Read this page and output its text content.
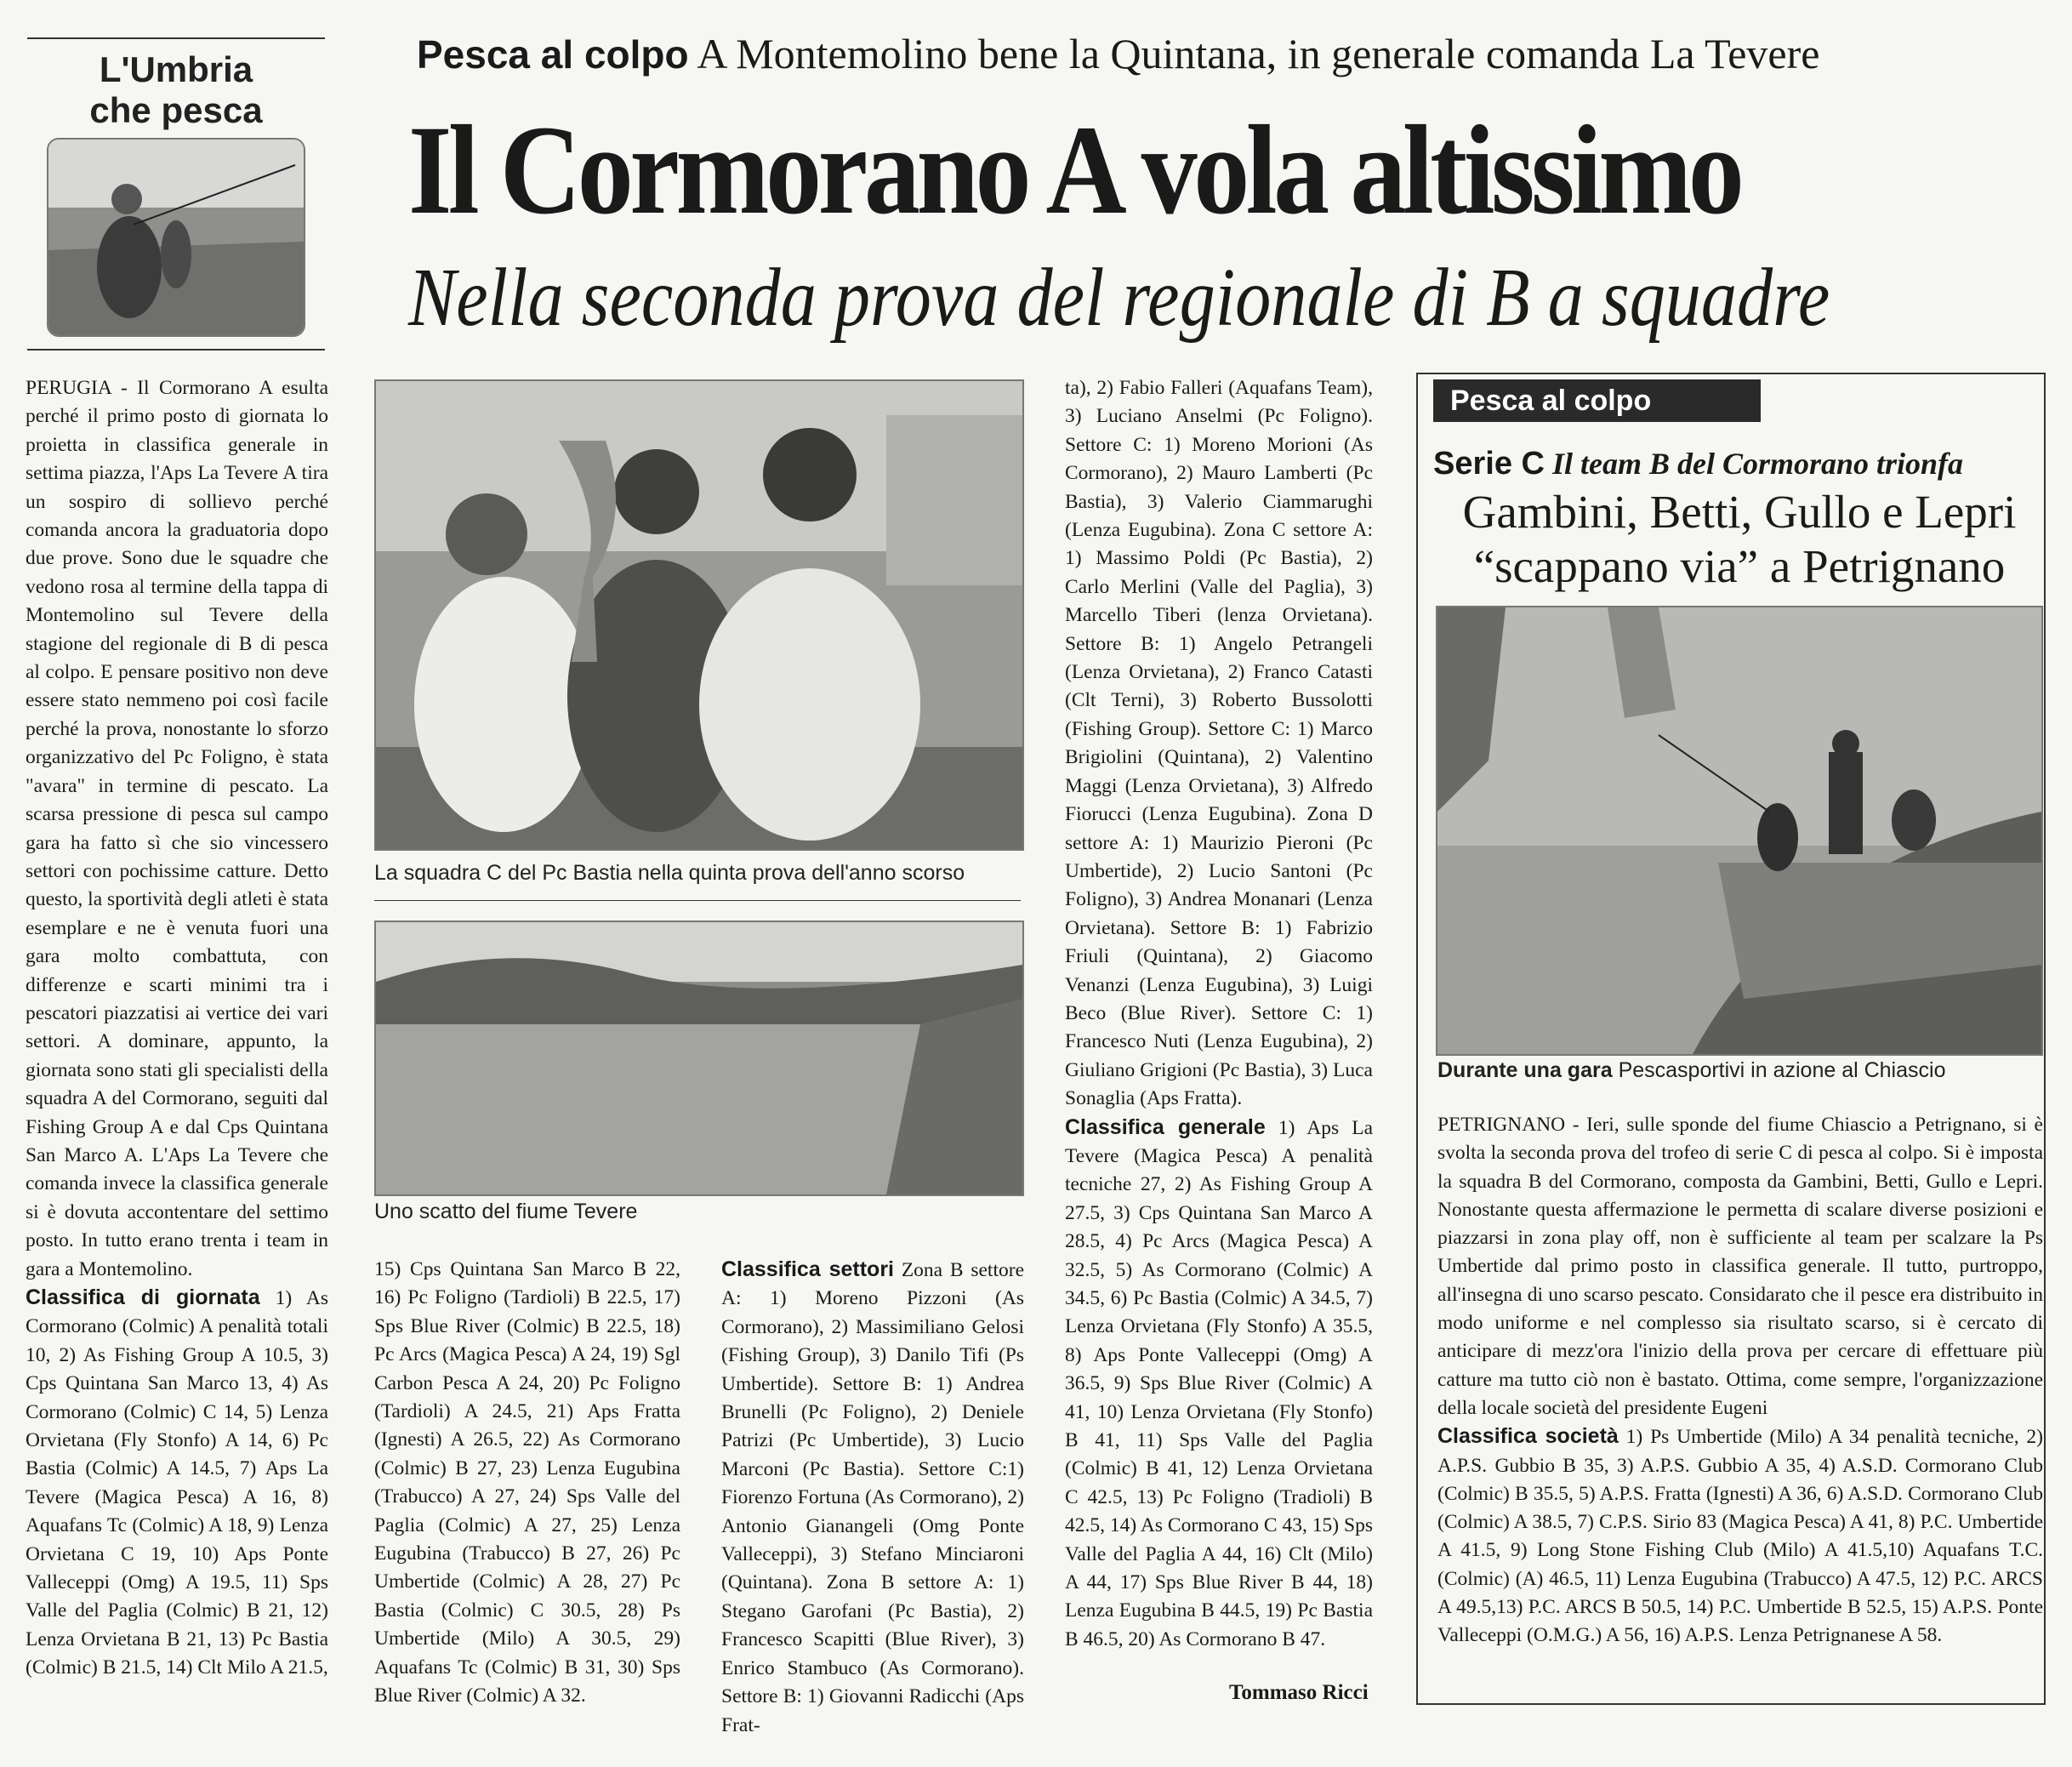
L'Umbria
che pesca
Pesca al colpo A Montemolino bene la Quintana, in generale comanda La Tevere
Il Cormorano A vola altissimo
Nella seconda prova del regionale di B a squadre

PERUGIA - Il Cormorano A esulta perché il primo posto di giornata lo proietta in classifica generale in settima piazza, l'Aps La Tevere A tira un sospiro di sollievo perché comanda ancora la graduatoria dopo due prove. Sono due le squadre che vedono rosa al termine della tappa di Montemolino sul Tevere della stagione del regionale di B di pesca al colpo. E pensare positivo non deve essere stato nemmeno poi così facile perché la prova, nonostante lo sforzo organizzativo del Pc Foligno, è stata "avara" in termine di pescato. La scarsa pressione di pesca sul campo gara ha fatto sì che sio vincessero settori con pochissime catture. Detto questo, la sportività degli atleti è stata esemplare e ne è venuta fuori una gara molto combattuta, con differenze e scarti minimi tra i pescatori piazzatisi ai vertice dei vari settori. A dominare, appunto, la giornata sono stati gli specialisti della squadra A del Cormorano, seguiti dal Fishing Group A e dal Cps Quintana San Marco A. L'Aps La Tevere che comanda invece la classifica generale si è dovuta accontentare del settimo posto. In tutto erano trenta i team in gara a Montemolino.

Classifica di giornata 1) As Cormorano (Colmic) A penalità totali 10, 2) As Fishing Group A 10.5, 3) Cps Quintana San Marco 13, 4) As Cormorano (Colmic) C 14, 5) Lenza Orvietana (Fly Stonfo) A 14, 6) Pc Bastia (Colmic) A 14.5, 7) Aps La Tevere (Magica Pesca) A 16, 8) Aquafans Tc (Colmic) A 18, 9) Lenza Orvietana C 19, 10) Aps Ponte Valleceppi (Omg) A 19.5, 11) Sps Valle del Paglia (Colmic) B 21, 12) Lenza Orvietana B 21, 13) Pc Bastia (Colmic) B 21.5, 14) Clt Milo A 21.5,

La squadra C del Pc Bastia nella quinta prova dell'anno scorso
Uno scatto del fiume Tevere

15) Cps Quintana San Marco B 22, 16) Pc Foligno (Tardioli) B 22.5, 17) Sps Blue River (Colmic) B 22.5, 18) Pc Arcs (Magica Pesca) A 24, 19) Sgl Carbon Pesca A 24, 20) Pc Foligno (Tardioli) A 24.5, 21) Aps Fratta (Ignesti) A 26.5, 22) As Cormorano (Colmic) B 27, 23) Lenza Eugubina (Trabucco) A 27, 24) Sps Valle del Paglia (Colmic) A 27, 25) Lenza Eugubina (Trabucco) B 27, 26) Pc Umbertide (Colmic) A 28, 27) Pc Bastia (Colmic) C 30.5, 28) Ps Umbertide (Milo) A 30.5, 29) Aquafans Tc (Colmic) B 31, 30) Sps Blue River (Colmic) A 32.

Classifica settori Zona B settore A: 1) Moreno Pizzoni (As Cormorano), 2) Massimiliano Gelosi (Fishing Group), 3) Danilo Tifi (Ps Umbertide). Settore B: 1) Andrea Brunelli (Pc Foligno), 2) Deniele Patrizi (Pc Umbertide), 3) Lucio Marconi (Pc Bastia). Settore C:1) Fiorenzo Fortuna (As Cormorano), 2) Antonio Gianangeli (Omg Ponte Valleceppi), 3) Stefano Minciaroni (Quintana). Zona B settore A: 1) Stegano Garofani (Pc Bastia), 2) Francesco Scapitti (Blue River), 3) Enrico Stambuco (As Cormorano). Settore B: 1) Giovanni Radicchi (Aps Frat-

ta), 2) Fabio Falleri (Aquafans Team), 3) Luciano Anselmi (Pc Foligno). Settore C: 1) Moreno Morioni (As Cormorano), 2) Mauro Lamberti (Pc Bastia), 3) Valerio Ciammarughi (Lenza Eugubina). Zona C settore A: 1) Massimo Poldi (Pc Bastia), 2) Carlo Merlini (Valle del Paglia), 3) Marcello Tiberi (lenza Orvietana). Settore B: 1) Angelo Petrangeli (Lenza Orvietana), 2) Franco Catasti (Clt Terni), 3) Roberto Bussolotti (Fishing Group). Settore C: 1) Marco Brigiolini (Quintana), 2) Valentino Maggi (Lenza Orvietana), 3) Alfredo Fiorucci (Lenza Eugubina). Zona D settore A: 1) Maurizio Pieroni (Pc Umbertide), 2) Lucio Santoni (Pc Foligno), 3) Andrea Monanari (Lenza Orvietana). Settore B: 1) Fabrizio Friuli (Quintana), 2) Giacomo Venanzi (Lenza Eugubina), 3) Luigi Beco (Blue River). Settore C: 1) Francesco Nuti (Lenza Eugubina), 2) Giuliano Grigioni (Pc Bastia), 3) Luca Sonaglia (Aps Fratta).

Classifica generale 1) Aps La Tevere (Magica Pesca) A penalità tecniche 27, 2) As Fishing Group A 27.5, 3) Cps Quintana San Marco A 28.5, 4) Pc Arcs (Magica Pesca) A 32.5, 5) As Cormorano (Colmic) A 34.5, 6) Pc Bastia (Colmic) A 34.5, 7) Lenza Orvietana (Fly Stonfo) A 35.5, 8) Aps Ponte Valleceppi (Omg) A 36.5, 9) Sps Blue River (Colmic) A 41, 10) Lenza Orvietana (Fly Stonfo) B 41, 11) Sps Valle del Paglia (Colmic) B 41, 12) Lenza Orvietana C 42.5, 13) Pc Foligno (Tradioli) B 42.5, 14) As Cormorano C 43, 15) Sps Valle del Paglia A 44, 16) Clt (Milo) A 44, 17) Sps Blue River B 44, 18) Lenza Eugubina B 44.5, 19) Pc Bastia B 46.5, 20) As Cormorano B 47.

Tommaso Ricci
Pesca al colpo
Serie C Il team B del Cormorano trionfa
Gambini, Betti, Gullo e Lepri
“scappano via” a Petrignano
Durante una gara Pescasportivi in azione al Chiascio

PETRIGNANO - Ieri, sulle sponde del fiume Chiascio a Petrignano, si è svolta la seconda prova del trofeo di serie C di pesca al colpo. Si è imposta la squadra B del Cormorano, composta da Gambini, Betti, Gullo e Lepri. Nonostante questa affermazione le permetta di scalare diverse posizioni e piazzarsi in zona play off, non è sufficiente al team per scalzare la Ps Umbertide dal primo posto in classifica generale. Il tutto, purtroppo, all'insegna di uno scarso pescato. Considarato che il pesce era distribuito in modo uniforme e nel complesso sia risultato scarso, si è cercato di anticipare di mezz'ora l'inizio della prova per cercare di effettuare più catture ma tutto ciò non è bastato. Ottima, come sempre, l'organizzazione della locale società del presidente Eugeni

Classifica società 1) Ps Umbertide (Milo) A 34 penalità tecniche, 2) A.P.S. Gubbio B 35, 3) A.P.S. Gubbio A 35, 4) A.S.D. Cormorano Club (Colmic) B 35.5, 5) A.P.S. Fratta (Ignesti) A 36, 6) A.S.D. Cormorano Club (Colmic) A 38.5, 7) C.P.S. Sirio 83 (Magica Pesca) A 41, 8) P.C. Umbertide A 41.5, 9) Long Stone Fishing Club (Milo) A 41.5,10) Aquafans T.C. (Colmic) (A) 46.5, 11) Lenza Eugubina (Trabucco) A 47.5, 12) P.C. ARCS A 49.5,13) P.C. ARCS B 50.5, 14) P.C. Umbertide B 52.5, 15) A.P.S. Ponte Valleceppi (O.M.G.) A 56, 16) A.P.S. Lenza Petrignanese A 58.
